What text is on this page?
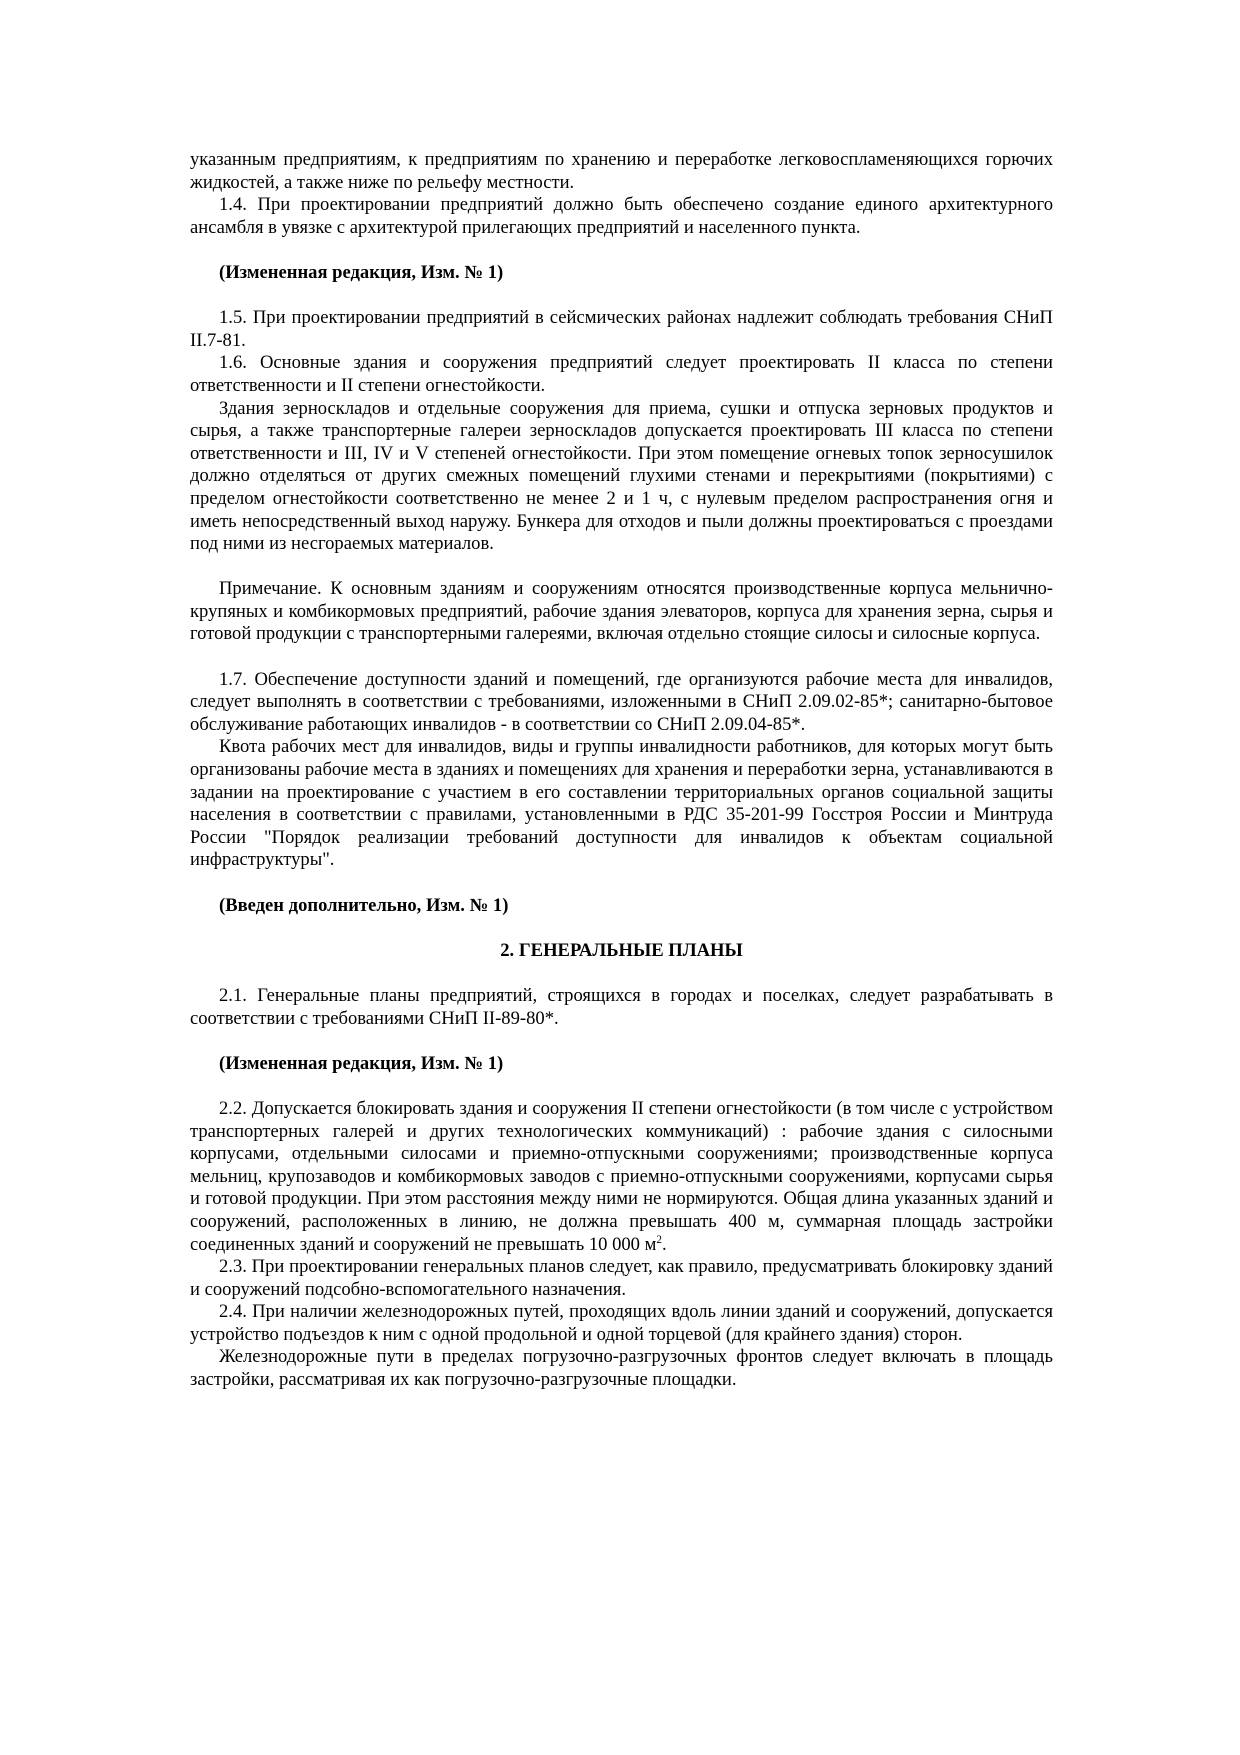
указанным предприятиям, к предприятиям по хранению и переработке легковоспламеняющихся горючих жидкостей, а также ниже по рельефу местности.

1.4. При проектировании предприятий должно быть обеспечено создание единого архитектурного ансамбля в увязке с архитектурой прилегающих предприятий и населенного пункта.

(Измененная редакция, Изм. № 1)

1.5. При проектировании предприятий в сейсмических районах надлежит соблюдать требования СНиП II.7-81.

1.6. Основные здания и сооружения предприятий следует проектировать II класса по степени ответственности и II степени огнестойкости.

Здания зерноскладов и отдельные сооружения для приема, сушки и отпуска зерновых продуктов и сырья, а также транспортерные галереи зерноскладов допускается проектировать III класса по степени ответственности и III, IV и V степеней огнестойкости. При этом помещение огневых топок зерносушилок должно отделяться от других смежных помещений глухими стенами и перекрытиями (покрытиями) с пределом огнестойкости соответственно не менее 2 и 1 ч, с нулевым пределом распространения огня и иметь непосредственный выход наружу. Бункера для отходов и пыли должны проектироваться с проездами под ними из несгораемых материалов.

Примечание. К основным зданиям и сооружениям относятся производственные корпуса мельнично-крупяных и комбикормовых предприятий, рабочие здания элеваторов, корпуса для хранения зерна, сырья и готовой продукции с транспортерными галереями, включая отдельно стоящие силосы и силосные корпуса.

1.7. Обеспечение доступности зданий и помещений, где организуются рабочие места для инвалидов, следует выполнять в соответствии с требованиями, изложенными в СНиП 2.09.02-85*; санитарно-бытовое обслуживание работающих инвалидов - в соответствии со СНиП 2.09.04-85*.

Квота рабочих мест для инвалидов, виды и группы инвалидности работников, для которых могут быть организованы рабочие места в зданиях и помещениях для хранения и переработки зерна, устанавливаются в задании на проектирование с участием в его составлении территориальных органов социальной защиты населения в соответствии с правилами, установленными в РДС 35-201-99 Госстроя России и Минтруда России "Порядок реализации требований доступности для инвалидов к объектам социальной инфраструктуры".

(Введен дополнительно, Изм. № 1)

2. ГЕНЕРАЛЬНЫЕ ПЛАНЫ

2.1. Генеральные планы предприятий, строящихся в городах и поселках, следует разрабатывать в соответствии с требованиями СНиП II-89-80*.

(Измененная редакция, Изм. № 1)

2.2. Допускается блокировать здания и сооружения II степени огнестойкости (в том числе с устройством транспортерных галерей и других технологических коммуникаций) : рабочие здания с силосными корпусами, отдельными силосами и приемно-отпускными сооружениями; производственные корпуса мельниц, крупозаводов и комбикормовых заводов с приемно-отпускными сооружениями, корпусами сырья и готовой продукции. При этом расстояния между ними не нормируются. Общая длина указанных зданий и сооружений, расположенных в линию, не должна превышать 400 м, суммарная площадь застройки соединенных зданий и сооружений не превышать 10 000 $м^2$.

2.3. При проектировании генеральных планов следует, как правило, предусматривать блокировку зданий и сооружений подсобно-вспомогательного назначения.

2.4. При наличии железнодорожных путей, проходящих вдоль линии зданий и сооружений, допускается устройство подъездов к ним с одной продольной и одной торцевой (для крайнего здания) сторон.

Железнодорожные пути в пределах погрузочно-разгрузочных фронтов следует включать в площадь застройки, рассматривая их как погрузочно-разгрузочные площадки.
